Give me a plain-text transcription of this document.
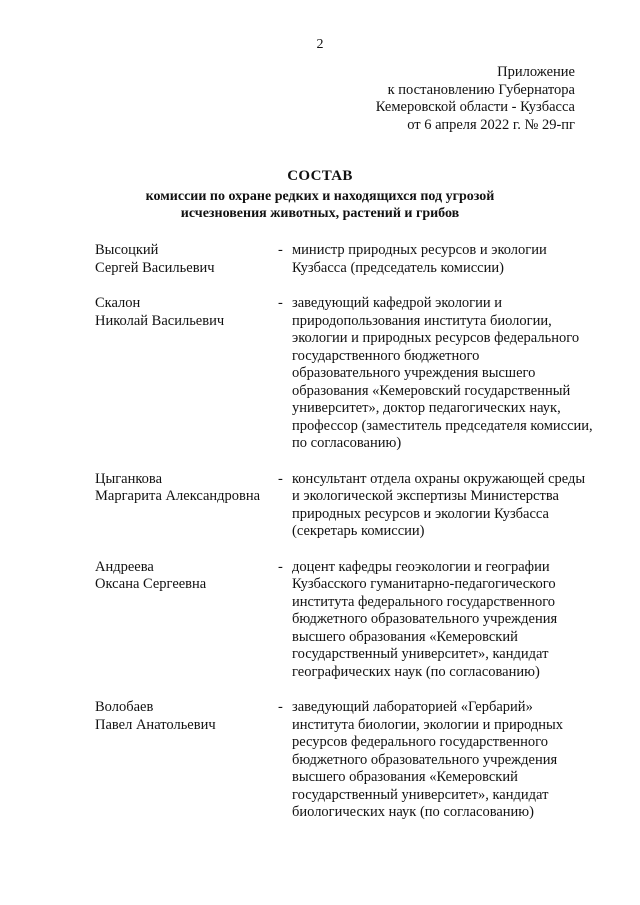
2
Приложение
к постановлению Губернатора
Кемеровской области - Кузбасса
от 6 апреля 2022 г. № 29-пг
СОСТАВ
комиссии по охране редких и находящихся под угрозой
исчезновения животных, растений и грибов
Высоцкий
Сергей Васильевич
- министр природных ресурсов и экологии
Кузбасса (председатель комиссии)
Скалон
Николай Васильевич
- заведующий кафедрой экологии и
природопользования института биологии,
экологии и природных ресурсов федерального
государственного бюджетного
образовательного учреждения высшего
образования «Кемеровский государственный
университет», доктор педагогических наук,
профессор (заместитель председателя комиссии,
по согласованию)
Цыганкова
Маргарита Александровна
- консультант отдела охраны окружающей среды
и экологической экспертизы Министерства
природных ресурсов и экологии Кузбасса
(секретарь комиссии)
Андреева
Оксана Сергеевна
- доцент кафедры геоэкологии и географии
Кузбасского гуманитарно-педагогического
института федерального государственного
бюджетного образовательного учреждения
высшего образования «Кемеровский
государственный университет», кандидат
географических наук (по согласованию)
Волобаев
Павел Анатольевич
- заведующий лабораторией «Гербарий»
института биологии, экологии и природных
ресурсов федерального государственного
бюджетного образовательного учреждения
высшего образования «Кемеровский
государственный университет», кандидат
биологических наук (по согласованию)
